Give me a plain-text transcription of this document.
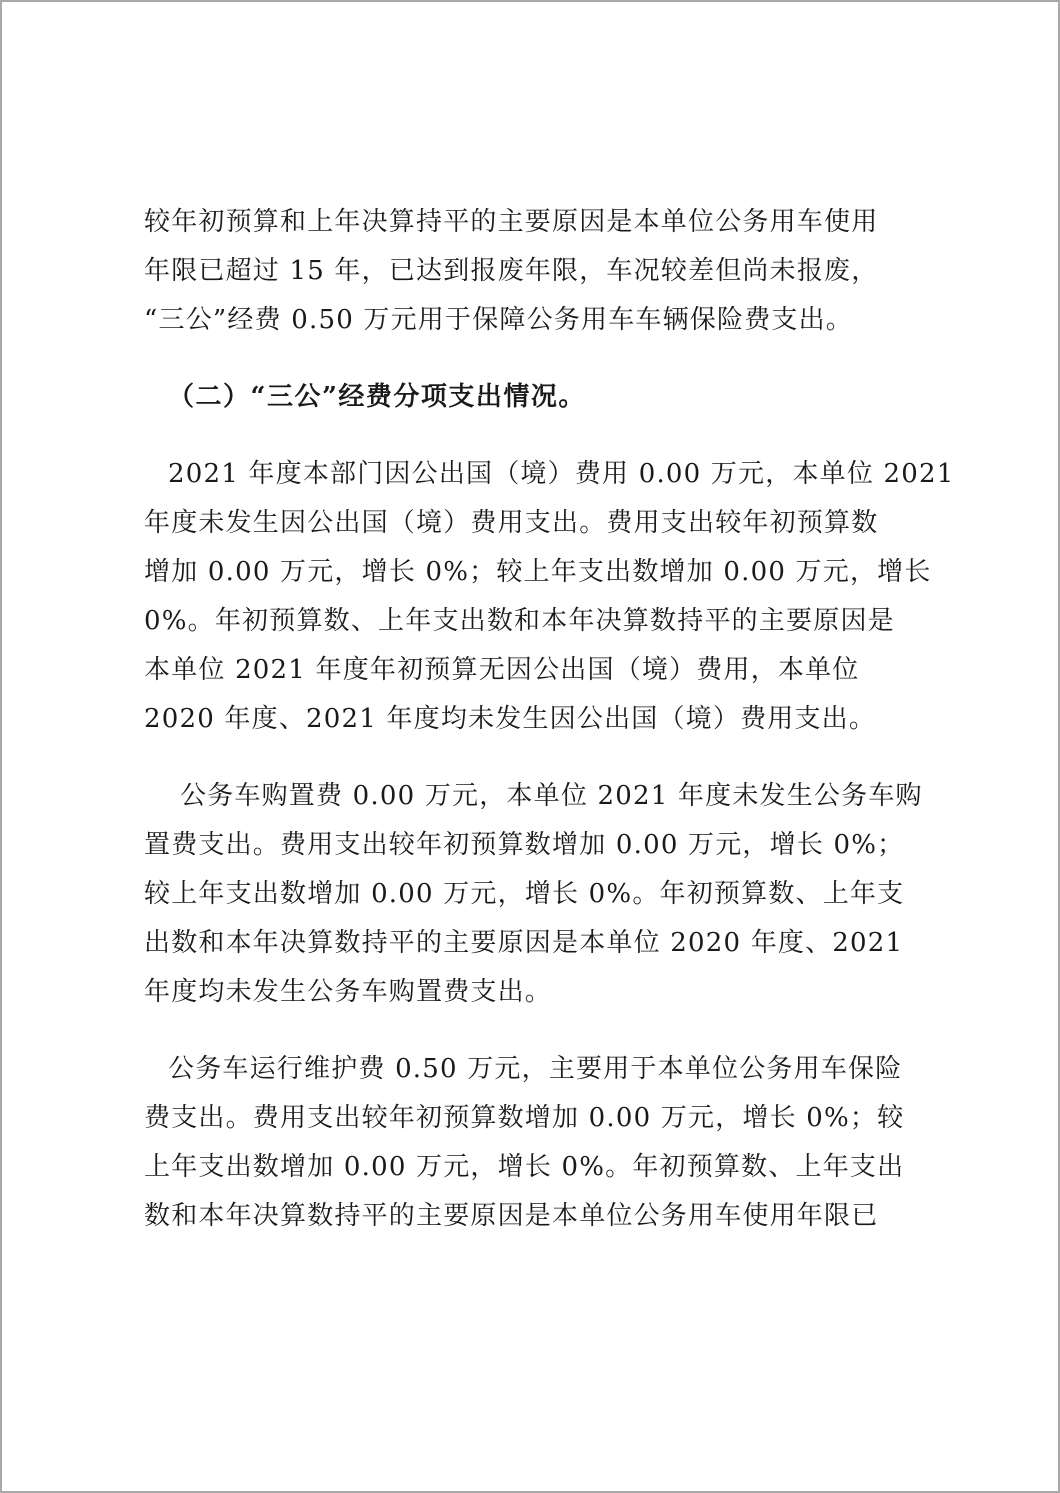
较年初预算和上年决算持平的主要原因是本单位公务用车使用
年限已超过 15 年，已达到报废年限，车况较差但尚未报废，
“三公”经费 0.50 万元用于保障公务用车车辆保险费支出。
（二）“三公”经费分项支出情况。
2021 年度本部门因公出国（境）费用 0.00 万元，本单位 2021
年度未发生因公出国（境）费用支出。费用支出较年初预算数
增加 0.00 万元，增长 0%；较上年支出数增加 0.00 万元，增长
0%。年初预算数、上年支出数和本年决算数持平的主要原因是
本单位 2021 年度年初预算无因公出国（境）费用，本单位
2020 年度、2021 年度均未发生因公出国（境）费用支出。
公务车购置费 0.00 万元，本单位 2021 年度未发生公务车购
置费支出。费用支出较年初预算数增加 0.00 万元，增长 0%；
较上年支出数增加 0.00 万元，增长 0%。年初预算数、上年支
出数和本年决算数持平的主要原因是本单位 2020 年度、2021
年度均未发生公务车购置费支出。
公务车运行维护费 0.50 万元，主要用于本单位公务用车保险
费支出。费用支出较年初预算数增加 0.00 万元，增长 0%；较
上年支出数增加 0.00 万元，增长 0%。年初预算数、上年支出
数和本年决算数持平的主要原因是本单位公务用车使用年限已
